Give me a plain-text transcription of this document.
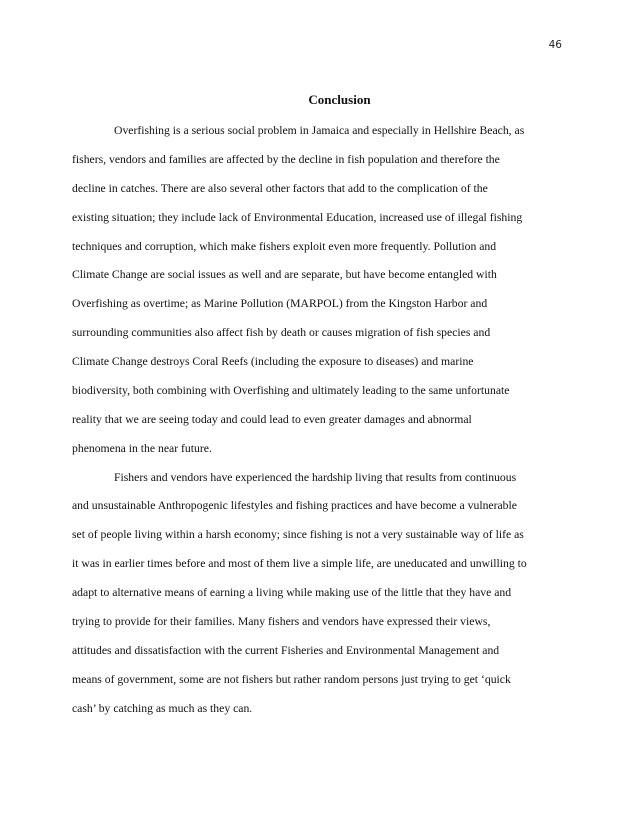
46
Conclusion
Overfishing is a serious social problem in Jamaica and especially in Hellshire Beach, as
fishers, vendors and families are affected by the decline in fish population and therefore the
decline in catches. There are also several other factors that add to the complication of the
existing situation; they include lack of Environmental Education, increased use of illegal fishing
techniques and corruption, which make fishers exploit even more frequently. Pollution and
Climate Change are social issues as well and are separate, but have become entangled with
Overfishing as overtime; as Marine Pollution (MARPOL) from the Kingston Harbor and
surrounding communities also affect fish by death or causes migration of fish species and
Climate Change destroys Coral Reefs (including the exposure to diseases) and marine
biodiversity, both combining with Overfishing and ultimately leading to the same unfortunate
reality that we are seeing today and could lead to even greater damages and abnormal
phenomena in the near future.
Fishers and vendors have experienced the hardship living that results from continuous
and unsustainable Anthropogenic lifestyles and fishing practices and have become a vulnerable
set of people living within a harsh economy; since fishing is not a very sustainable way of life as
it was in earlier times before and most of them live a simple life, are uneducated and unwilling to
adapt to alternative means of earning a living while making use of the little that they have and
trying to provide for their families. Many fishers and vendors have expressed their views,
attitudes and dissatisfaction with the current Fisheries and Environmental Management and
means of government, some are not fishers but rather random persons just trying to get ‘quick
cash’ by catching as much as they can.
